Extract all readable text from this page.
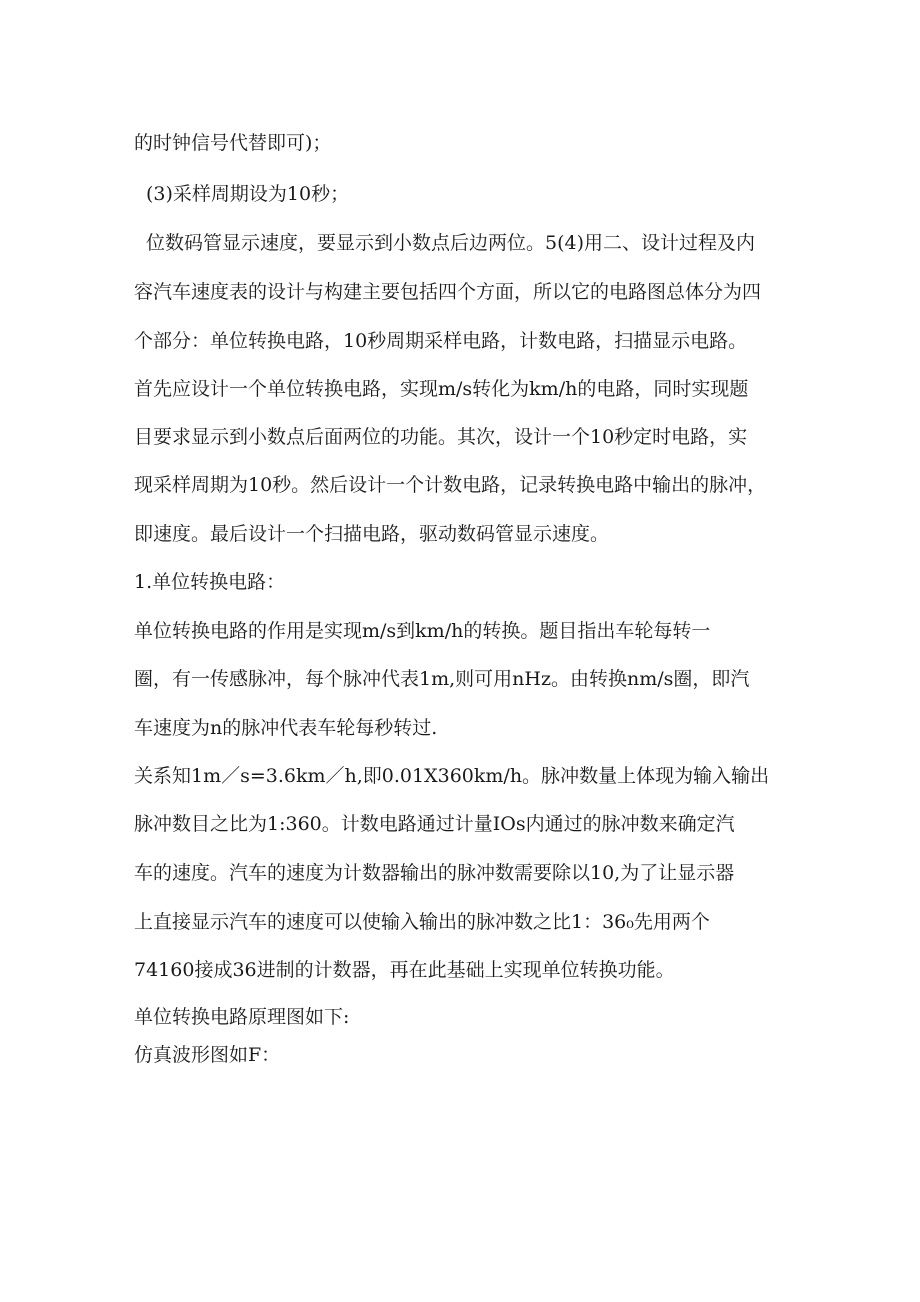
的时钟信号代替即可)；
(3)采样周期设为10秒；
位数码管显示速度，要显示到小数点后边两位。5(4)用二、设计过程及内
容汽车速度表的设计与构建主要包括四个方面，所以它的电路图总体分为四
个部分：单位转换电路，10秒周期采样电路，计数电路，扫描显示电路。
首先应设计一个单位转换电路，实现m/s转化为km/h的电路，同时实现题
目要求显示到小数点后面两位的功能。其次，设计一个10秒定时电路，实
现采样周期为10秒。然后设计一个计数电路，记录转换电路中输出的脉冲，
即速度。最后设计一个扫描电路，驱动数码管显示速度。
1.单位转换电路：
单位转换电路的作用是实现m/s到km/h的转换。题目指出车轮每转一
圈，有一传感脉冲，每个脉冲代表1m,则可用nHz。由转换nm/s圈，即汽
车速度为n的脉冲代表车轮每秒转过.
关系知1m／s=3.6km／h,即0.01X360km/h。脉冲数量上体现为输入输出
脉冲数目之比为1:360。计数电路通过计量IOs内通过的脉冲数来确定汽
车的速度。汽车的速度为计数器输出的脉冲数需要除以10,为了让显示器
上直接显示汽车的速度可以使输入输出的脉冲数之比1：36₀先用两个
74160接成36进制的计数器，再在此基础上实现单位转换功能。
单位转换电路原理图如下:
仿真波形图如F：
